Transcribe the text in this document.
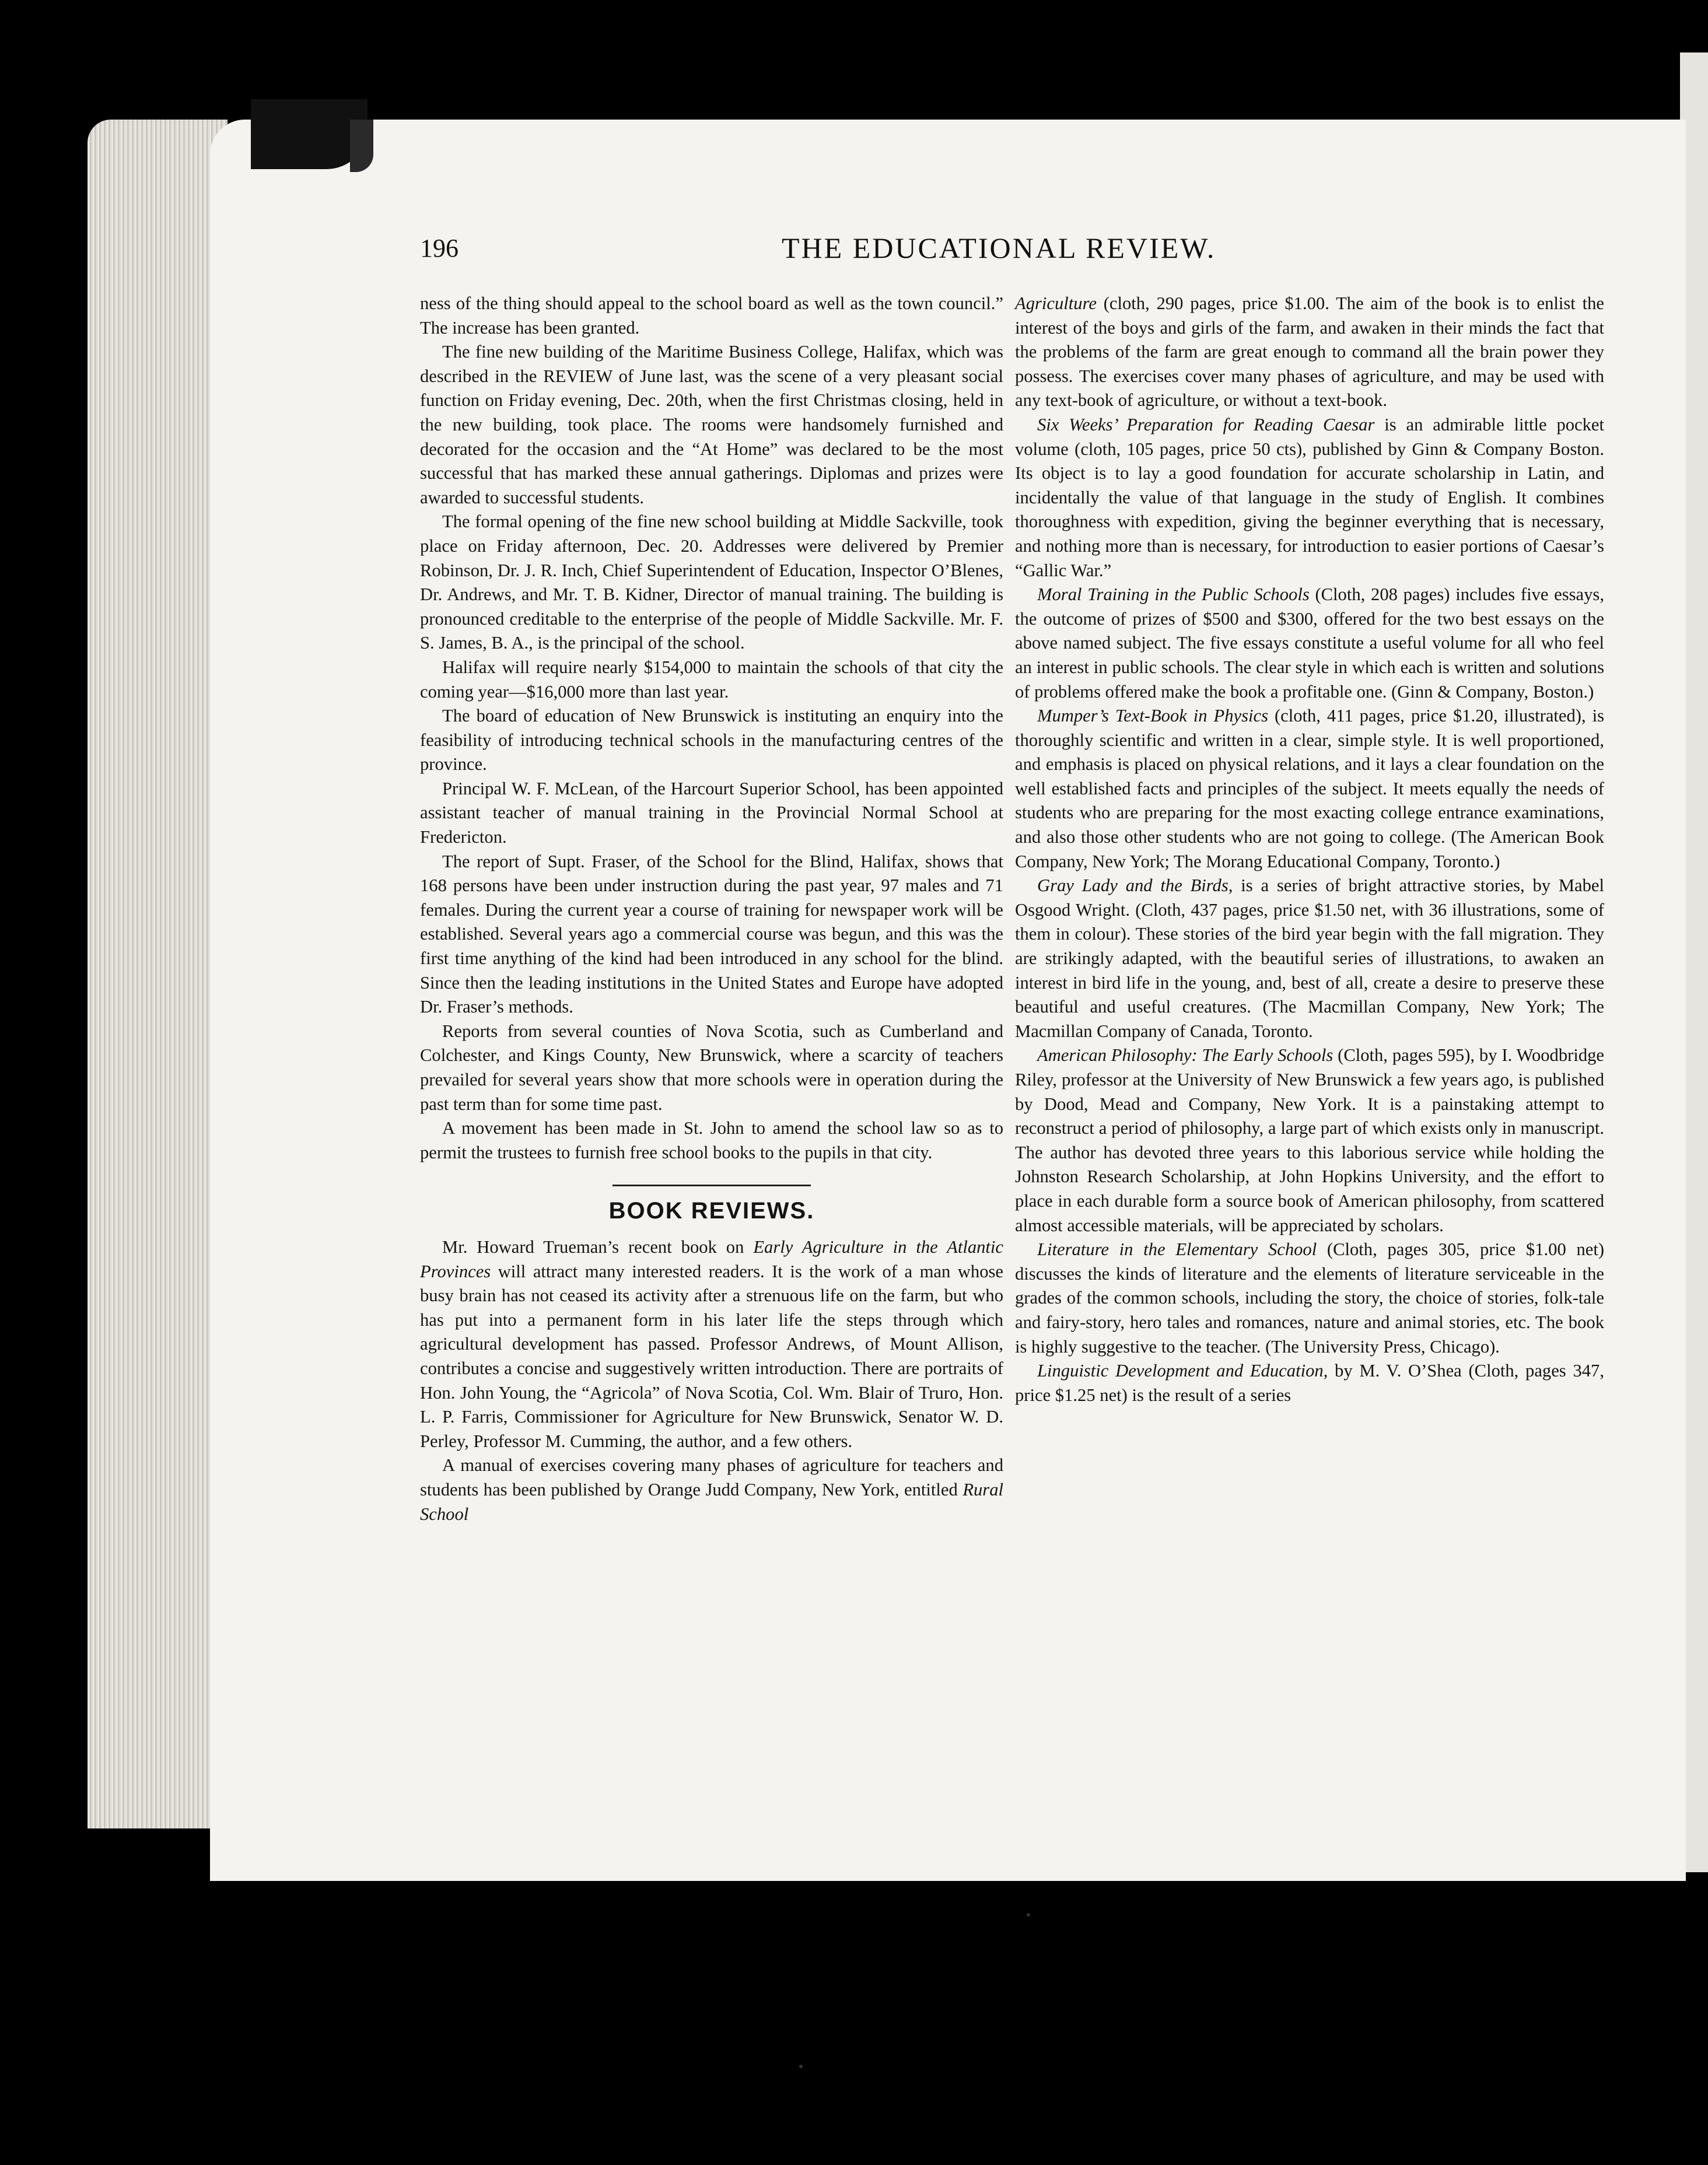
196	THE EDUCATIONAL REVIEW.

ness of the thing should appeal to the school board as well as the town council.” The increase has been granted.

The fine new building of the Maritime Business College, Halifax, which was described in the REVIEW of June last, was the scene of a very pleasant social function on Friday evening, Dec. 20th, when the first Christmas closing, held in the new building, took place. The rooms were handsomely furnished and decorated for the occasion and the “At Home” was declared to be the most successful that has marked these annual gatherings. Diplomas and prizes were awarded to successful students.

The formal opening of the fine new school building at Middle Sackville, took place on Friday afternoon, Dec. 20. Addresses were delivered by Premier Robinson, Dr. J. R. Inch, Chief Superintendent of Education, Inspector O’Blenes, Dr. Andrews, and Mr. T. B. Kidner, Director of manual training. The building is pronounced creditable to the enterprise of the people of Middle Sackville. Mr. F. S. James, B. A., is the principal of the school.

Halifax will require nearly $154,000 to maintain the schools of that city the coming year—$16,000 more than last year.

The board of education of New Brunswick is instituting an enquiry into the feasibility of introducing technical schools in the manufacturing centres of the province.

Principal W. F. McLean, of the Harcourt Superior School, has been appointed assistant teacher of manual training in the Provincial Normal School at Fredericton.

The report of Supt. Fraser, of the School for the Blind, Halifax, shows that 168 persons have been under instruction during the past year, 97 males and 71 females. During the current year a course of training for newspaper work will be established. Several years ago a commercial course was begun, and this was the first time anything of the kind had been introduced in any school for the blind. Since then the leading institutions in the United States and Europe have adopted Dr. Fraser’s methods.

Reports from several counties of Nova Scotia, such as Cumberland and Colchester, and Kings County, New Brunswick, where a scarcity of teachers prevailed for several years show that more schools were in operation during the past term than for some time past.

A movement has been made in St. John to amend the school law so as to permit the trustees to furnish free school books to the pupils in that city.

BOOK REVIEWS.

Mr. Howard Trueman’s recent book on Early Agriculture in the Atlantic Provinces will attract many interested readers. It is the work of a man whose busy brain has not ceased its activity after a strenuous life on the farm, but who has put into a permanent form in his later life the steps through which agricultural development has passed. Professor Andrews, of Mount Allison, contributes a concise and suggestively written introduction. There are portraits of Hon. John Young, the “Agricola” of Nova Scotia, Col. Wm. Blair of Truro, Hon. L. P. Farris, Commissioner for Agriculture for New Brunswick, Senator W. D. Perley, Professor M. Cumming, the author, and a few others.

A manual of exercises covering many phases of agriculture for teachers and students has been published by Orange Judd Company, New York, entitled Rural School

Agriculture (cloth, 290 pages, price $1.00. The aim of the book is to enlist the interest of the boys and girls of the farm, and awaken in their minds the fact that the problems of the farm are great enough to command all the brain power they possess. The exercises cover many phases of agriculture, and may be used with any text-book of agriculture, or without a text-book.

Six Weeks’ Preparation for Reading Caesar is an admirable little pocket volume (cloth, 105 pages, price 50 cts), published by Ginn & Company Boston. Its object is to lay a good foundation for accurate scholarship in Latin, and incidentally the value of that language in the study of English. It combines thoroughness with expedition, giving the beginner everything that is necessary, and nothing more than is necessary, for introduction to easier portions of Caesar’s “Gallic War.”

Moral Training in the Public Schools (Cloth, 208 pages) includes five essays, the outcome of prizes of $500 and $300, offered for the two best essays on the above named subject. The five essays constitute a useful volume for all who feel an interest in public schools. The clear style in which each is written and solutions of problems offered make the book a profitable one. (Ginn & Company, Boston.)

Mumper’s Text-Book in Physics (cloth, 411 pages, price $1.20, illustrated), is thoroughly scientific and written in a clear, simple style. It is well proportioned, and emphasis is placed on physical relations, and it lays a clear foundation on the well established facts and principles of the subject. It meets equally the needs of students who are preparing for the most exacting college entrance examinations, and also those other students who are not going to college. (The American Book Company, New York; The Morang Educational Company, Toronto.)

Gray Lady and the Birds, is a series of bright attractive stories, by Mabel Osgood Wright. (Cloth, 437 pages, price $1.50 net, with 36 illustrations, some of them in colour). These stories of the bird year begin with the fall migration. They are strikingly adapted, with the beautiful series of illustrations, to awaken an interest in bird life in the young, and, best of all, create a desire to preserve these beautiful and useful creatures. (The Macmillan Company, New York; The Macmillan Company of Canada, Toronto.

American Philosophy: The Early Schools (Cloth, pages 595), by I. Woodbridge Riley, professor at the University of New Brunswick a few years ago, is published by Dood, Mead and Company, New York. It is a painstaking attempt to reconstruct a period of philosophy, a large part of which exists only in manuscript. The author has devoted three years to this laborious service while holding the Johnston Research Scholarship, at John Hopkins University, and the effort to place in each durable form a source book of American philosophy, from scattered almost accessible materials, will be appreciated by scholars.

Literature in the Elementary School (Cloth, pages 305, price $1.00 net) discusses the kinds of literature and the elements of literature serviceable in the grades of the common schools, including the story, the choice of stories, folk-tale and fairy-story, hero tales and romances, nature and animal stories, etc. The book is highly suggestive to the teacher. (The University Press, Chicago).

Linguistic Development and Education, by M. V. O’Shea (Cloth, pages 347, price $1.25 net) is the result of a series
